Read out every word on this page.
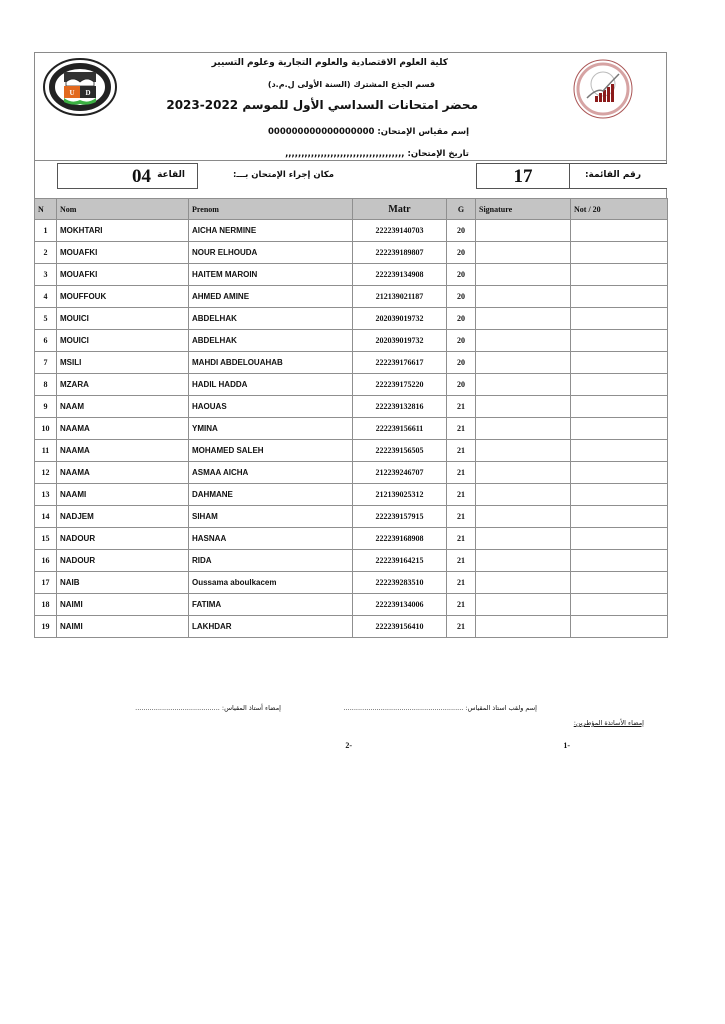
U D
كلية العلوم الاقتصادية والعلوم التجارية وعلوم التسيير
قسم الجذع المشترك (السنة الأولى ل.م.د)
محضر امتحانات السداسي الأول للموسم 2022-2023
إسم مقياس الإمتحان: 000000000000000000
تاريخ الإمتحان: ,,,,,,,,,,,,,,,,,,,,,,,,,,,,,,,,,,,,,
04 القاعة	مكان إجراء الإمتحان بـــ:	17	رقم القائمة:
N	Nom	Prenom	Matr	G	Signature	Not / 20
1	MOKHTARI	AICHA NERMINE	222239140703	20		
2	MOUAFKI	NOUR ELHOUDA	222239189807	20		
3	MOUAFKI	HAITEM MAROIN	222239134908	20		
4	MOUFFOUK	AHMED AMINE	212139021187	20		
5	MOUICI	ABDELHAK	202039019732	20		
6	MOUICI	ABDELHAK	202039019732	20		
7	MSILI	MAHDI ABDELOUAHAB	222239176617	20		
8	MZARA	HADIL HADDA	222239175220	20		
9	NAAM	HAOUAS	222239132816	21		
10	NAAMA	YMINA	222239156611	21		
11	NAAMA	MOHAMED SALEH	222239156505	21		
12	NAAMA	ASMAA AICHA	212239246707	21		
13	NAAMI	DAHMANE	212139025312	21		
14	NADJEM	SIHAM	222239157915	21		
15	NADOUR	HASNAA	222239168908	21		
16	NADOUR	RIDA	222239164215	21		
17	NAIB	Oussama aboulkacem	222239283510	21		
18	NAIMI	FATIMA	222239134006	21		
19	NAIMI	LAKHDAR	222239156410	21		
إسم ولقب استاذ المقياس: ..........................................................
إمضاء أستاذ المقياس: .........................................
إمضاء الأساتذة المؤطرين:
-1
-2
